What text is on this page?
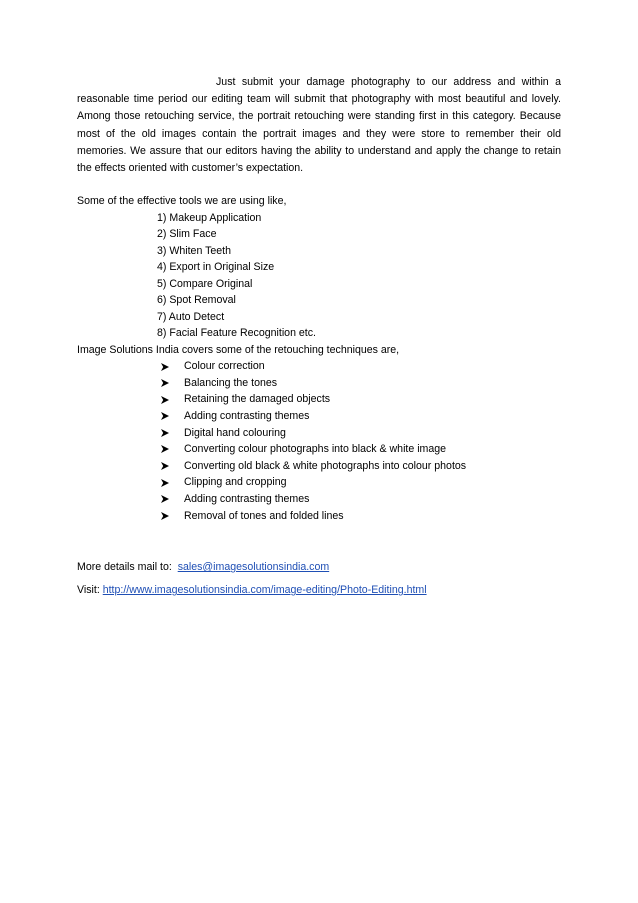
Just submit your damage photography to our address and within a reasonable time period our editing team will submit that photography with most beautiful and lovely. Among those retouching service, the portrait retouching were standing first in this category. Because most of the old images contain the portrait images and they were store to remember their old memories. We assure that our editors having the ability to understand and apply the change to retain the effects oriented with customer’s expectation.

Some of the effective tools we are using like,

1) Makeup Application
2) Slim Face
3) Whiten Teeth
4) Export in Original Size
5) Compare Original
6) Spot Removal
7) Auto Detect
8) Facial Feature Recognition etc.

Image Solutions India covers some of the retouching techniques are,

Colour correction
Balancing the tones
Retaining the damaged objects
Adding contrasting themes
Digital hand colouring
Converting colour photographs into black & white image
Converting old black & white photographs into colour photos
Clipping and cropping
Adding contrasting themes
Removal of tones and folded lines

More details mail to: sales@imagesolutionsindia.com

Visit: http://www.imagesolutionsindia.com/image-editing/Photo-Editing.html
